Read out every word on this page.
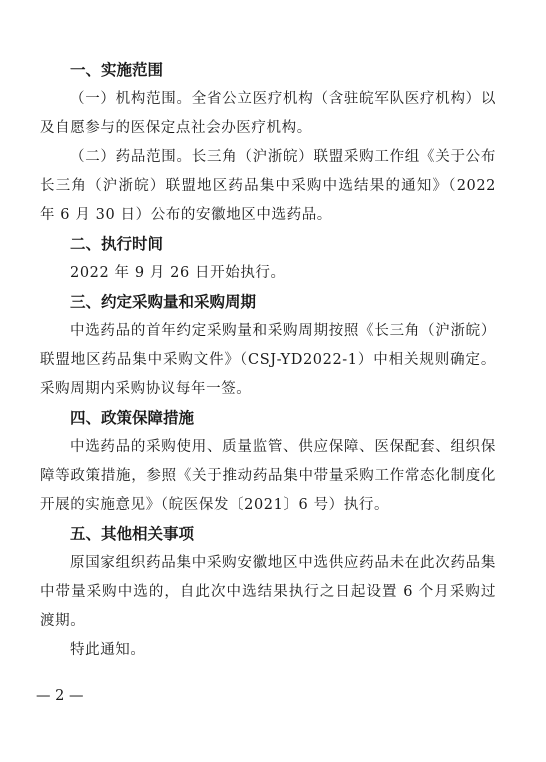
一、实施范围

（一）机构范围。全省公立医疗机构（含驻皖军队医疗机构）以及自愿参与的医保定点社会办医疗机构。

（二）药品范围。长三角（沪浙皖）联盟采购工作组《关于公布长三角（沪浙皖）联盟地区药品集中采购中选结果的通知》（2022 年 6 月 30 日）公布的安徽地区中选药品。

二、执行时间

2022 年 9 月 26 日开始执行。

三、约定采购量和采购周期

中选药品的首年约定采购量和采购周期按照《长三角（沪浙皖）联盟地区药品集中采购文件》（CSJ-YD2022-1）中相关规则确定。采购周期内采购协议每年一签。

四、政策保障措施

中选药品的采购使用、质量监管、供应保障、医保配套、组织保障等政策措施，参照《关于推动药品集中带量采购工作常态化制度化开展的实施意见》（皖医保发〔2021〕6 号）执行。

五、其他相关事项

原国家组织药品集中采购安徽地区中选供应药品未在此次药品集中带量采购中选的，自此次中选结果执行之日起设置 6 个月采购过渡期。

特此通知。

— 2 —
